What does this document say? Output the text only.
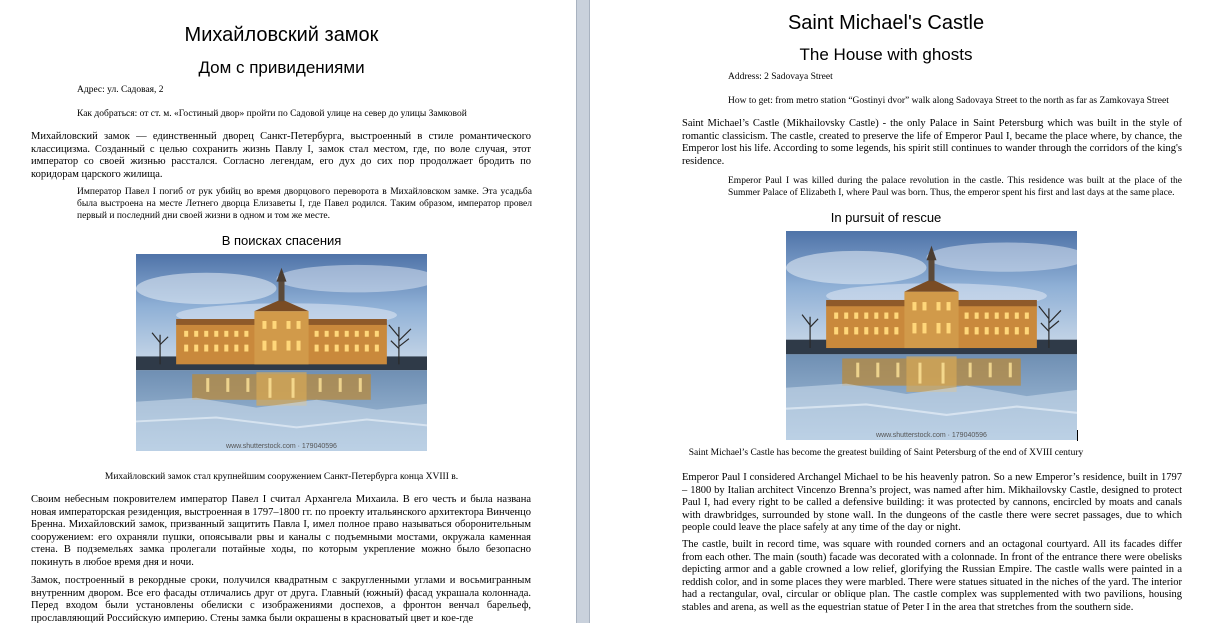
Михайловский замок
Дом с привидениями
Адрес: ул. Садовая, 2
Как добраться: от ст. м. «Гостиный двор» пройти по Садовой улице на север до улицы Замковой
Михайловский замок — единственный дворец Санкт-Петербурга, выстроенный в стиле романтического классицизма. Созданный с целью сохранить жизнь Павлу I, замок стал местом, где, по воле случая, этот император со своей жизнью расстался. Согласно легендам, его дух до сих пор продолжает бродить по коридорам царского жилища.
Император Павел I погиб от рук убийц во время дворцового переворота в Михайловском замке. Эта усадьба была выстроена на месте Летнего дворца Елизаветы I, где Павел родился. Таким образом, император провел первый и последний дни своей жизни в одном и том же месте.
В поисках спасения
www.shutterstock.com · 179040596
Михайловский замок стал крупнейшим сооружением Санкт-Петербурга конца XVIII в.
Своим небесным покровителем император Павел I считал Архангела Михаила. В его честь и была названа новая императорская резиденция, выстроенная в 1797–1800 гг. по проекту итальянского архитектора Винченцо Бренна. Михайловский замок, призванный защитить Павла I, имел полное право называться оборонительным сооружением: его охраняли пушки, опоясывали рвы и каналы с подъемными мостами, окружала каменная стена. В подземельях замка пролегали потайные ходы, по которым укрепление можно было безопасно покинуть в любое время дня и ночи.
Замок, построенный в рекордные сроки, получился квадратным с закругленными углами и восьмигранным внутренним двором. Все его фасады отличались друг от друга. Главный (южный) фасад украшала колоннада. Перед входом были установлены обелиски с изображениями доспехов, а фронтон венчал барельеф, прославляющий Российскую империю. Стены замка были окрашены в красноватый цвет и кое-где
Saint Michael's Castle
The House with ghosts
Address: 2 Sadovaya Street
How to get: from metro station “Gostinyi dvor” walk along Sadovaya Street to the north as far as Zamkovaya Street
Saint Michael’s Castle (Mikhailovsky Castle) - the only Palace in Saint Petersburg which was built in the style of romantic classicism. The castle, created to preserve the life of Emperor Paul I, became the place where, by chance, the Emperor lost his life. According to some legends, his spirit still continues to wander through the corridors of the king's residence.
Emperor Paul I was killed during the palace revolution in the castle. This residence was built at the place of the Summer Palace of Elizabeth I, where Paul was born. Thus, the emperor spent his first and last days at the same place.
In pursuit of rescue
www.shutterstock.com · 179040596
Saint Michael’s Castle has become the greatest building of Saint Petersburg of the end of XVIII century
Emperor Paul I considered Archangel Michael to be his heavenly patron. So a new Emperor’s residence, built in 1797 – 1800 by Italian architect Vincenzo Brenna’s project, was named after him. Mikhailovsky Castle, designed to protect Paul I, had every right to be called a defensive building: it was protected by cannons, encircled by moats and canals with drawbridges, surrounded by stone wall. In the dungeons of the castle there were secret passages, due to which people could leave the place safely at any time of the day or night.
The castle, built in record time, was square with rounded corners and an octagonal courtyard. All its facades differ from each other. The main (south) facade was decorated with a colonnade. In front of the entrance there were obelisks depicting armor and a gable crowned a low relief, glorifying the Russian Empire. The castle walls were painted in a reddish color, and in some places they were marbled. There were statues situated in the niches of the yard. The interior had a rectangular, oval, circular or oblique plan. The castle complex was supplemented with two pavilions, housing stables and arena, as well as the equestrian statue of Peter I in the area that stretches from the southern side.
